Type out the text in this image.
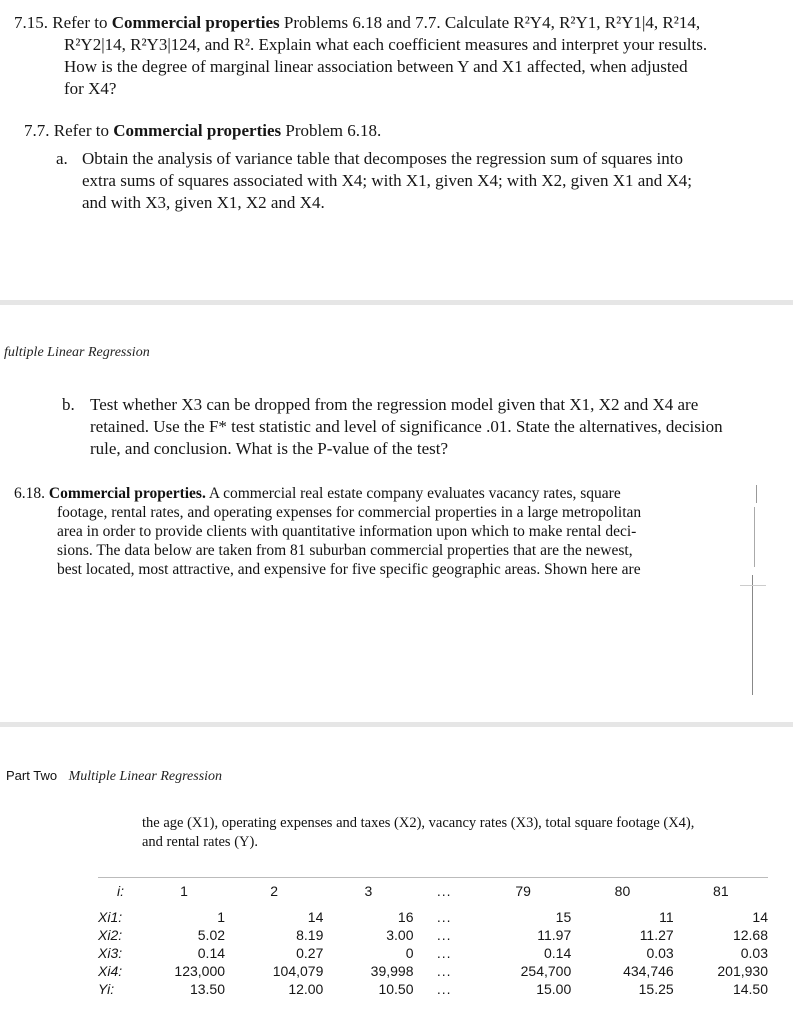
7.15. Refer to Commercial properties Problems 6.18 and 7.7. Calculate R²Y4, R²Y1, R²Y1|4, R²14,
R²Y2|14, R²Y3|124, and R². Explain what each coefficient measures and interpret your results.
How is the degree of marginal linear association between Y and X1 affected, when adjusted
for X4?
7.7. Refer to Commercial properties Problem 6.18.
a. Obtain the analysis of variance table that decomposes the regression sum of squares into
extra sums of squares associated with X4; with X1, given X4; with X2, given X1 and X4;
and with X3, given X1, X2 and X4.
fultiple Linear Regression
b. Test whether X3 can be dropped from the regression model given that X1, X2 and X4 are
retained. Use the F* test statistic and level of significance .01. State the alternatives, decision
rule, and conclusion. What is the P-value of the test?
6.18. Commercial properties. A commercial real estate company evaluates vacancy rates, square
footage, rental rates, and operating expenses for commercial properties in a large metropolitan
area in order to provide clients with quantitative information upon which to make rental deci-
sions. The data below are taken from 81 suburban commercial properties that are the newest,
best located, most attractive, and expensive for five specific geographic areas. Shown here are
Part Two Multiple Linear Regression
the age (X1), operating expenses and taxes (X2), vacancy rates (X3), total square footage (X4),
and rental rates (Y).
i:	1	2	3	...	79	80	81
Xi1:	1	14	16	...	15	11	14
Xi2:	5.02	8.19	3.00	...	11.97	11.27	12.68
Xi3:	0.14	0.27	0	...	0.14	0.03	0.03
Xi4:	123,000	104,079	39,998	...	254,700	434,746	201,930
Yi:	13.50	12.00	10.50	...	15.00	15.25	14.50
